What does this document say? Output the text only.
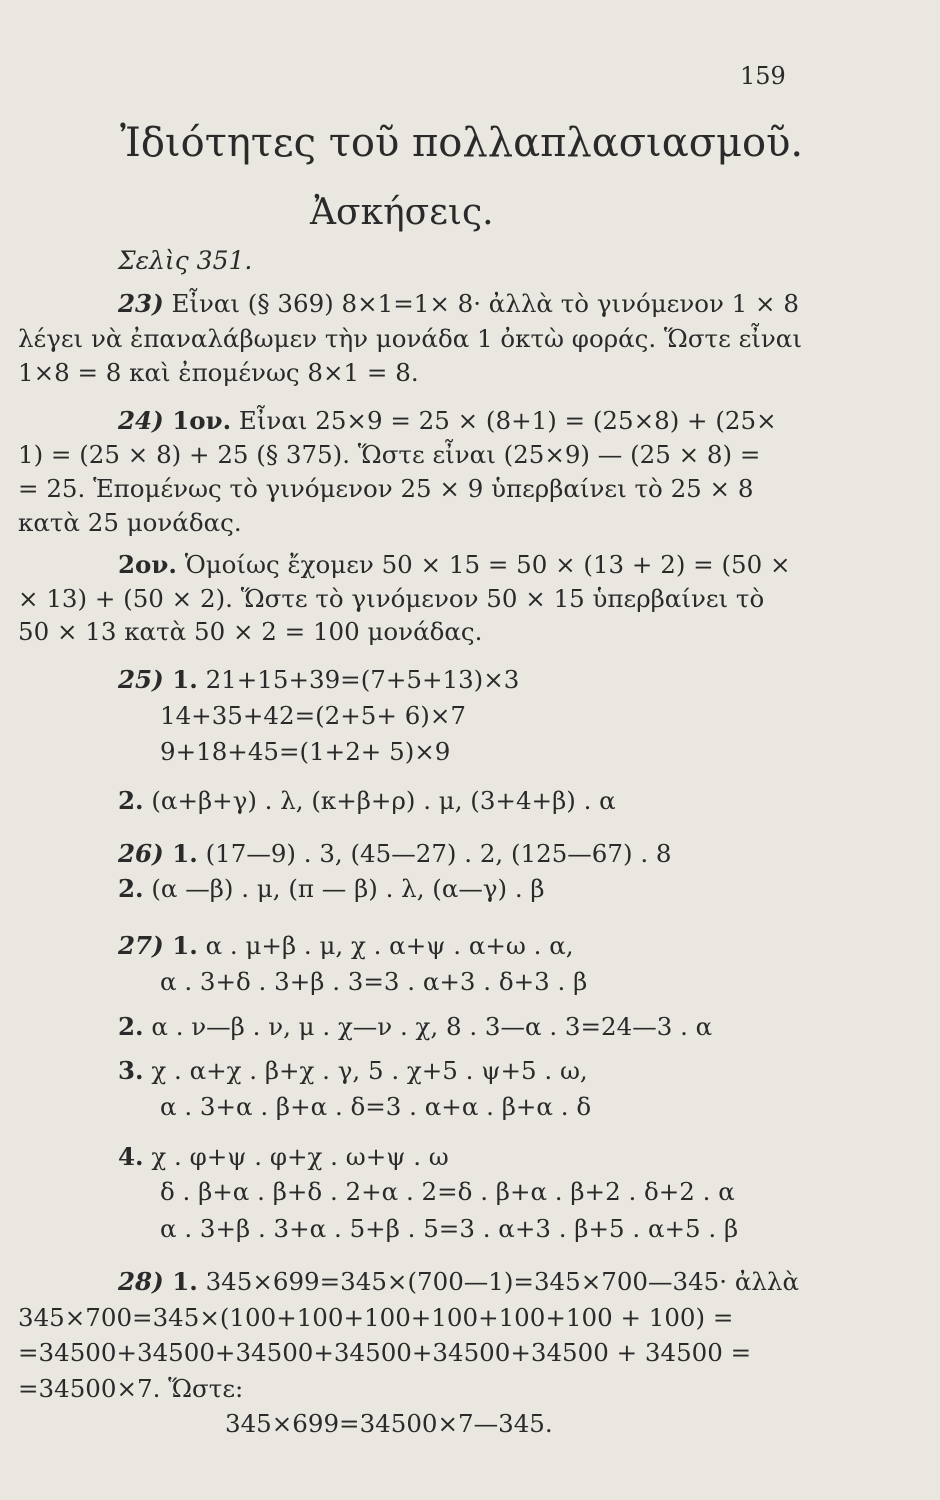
159
Ἰδιότητες τοῦ πολλαπλασιασμοῦ.
Ἀσκήσεις.
Σελὶς 351.
23) Εἶναι (§ 369) 8×1=1× 8· ἀλλὰ τὸ γινόμενον 1 × 8
λέγει νὰ ἐπαναλάβωμεν τὴν μονάδα 1 ὀκτὼ φοράς. Ὥστε εἶναι
1×8 = 8 καὶ ἐπομένως 8×1 = 8.
24) 1ον. Εἶναι 25×9 = 25 × (8+1) = (25×8) + (25×
1) = (25 × 8) + 25 (§ 375). Ὥστε εἶναι (25×9) — (25 × 8) =
= 25. Ἑπομένως τὸ γινόμενον 25 × 9 ὑπερβαίνει τὸ 25 × 8
κατὰ 25 μονάδας.
2ον. Ὁμοίως ἔχομεν 50 × 15 = 50 × (13 + 2) = (50 ×
× 13) + (50 × 2). Ὥστε τὸ γινόμενον 50 × 15 ὑπερβαίνει τὸ
50 × 13 κατὰ 50 × 2 = 100 μονάδας.
25) 1. 21+15+39=(7+5+13)×3
14+35+42=(2+5+ 6)×7
9+18+45=(1+2+ 5)×9
2. (α+β+γ) . λ, (κ+β+ρ) . μ, (3+4+β) . α
26) 1. (17—9) . 3, (45—27) . 2, (125—67) . 8
2. (α —β) . μ, (π — β) . λ, (α—γ) . β
27) 1. α . μ+β . μ, χ . α+ψ . α+ω . α,
α . 3+δ . 3+β . 3=3 . α+3 . δ+3 . β
2. α . ν—β . ν, μ . χ—ν . χ, 8 . 3—α . 3=24—3 . α
3. χ . α+χ . β+χ . γ, 5 . χ+5 . ψ+5 . ω,
α . 3+α . β+α . δ=3 . α+α . β+α . δ
4. χ . φ+ψ . φ+χ . ω+ψ . ω
δ . β+α . β+δ . 2+α . 2=δ . β+α . β+2 . δ+2 . α
α . 3+β . 3+α . 5+β . 5=3 . α+3 . β+5 . α+5 . β
28) 1. 345×699=345×(700—1)=345×700—345· ἀλλὰ
345×700=345×(100+100+100+100+100+100 + 100) =
=34500+34500+34500+34500+34500+34500 + 34500 =
=34500×7. Ὥστε:
345×699=34500×7—345.
